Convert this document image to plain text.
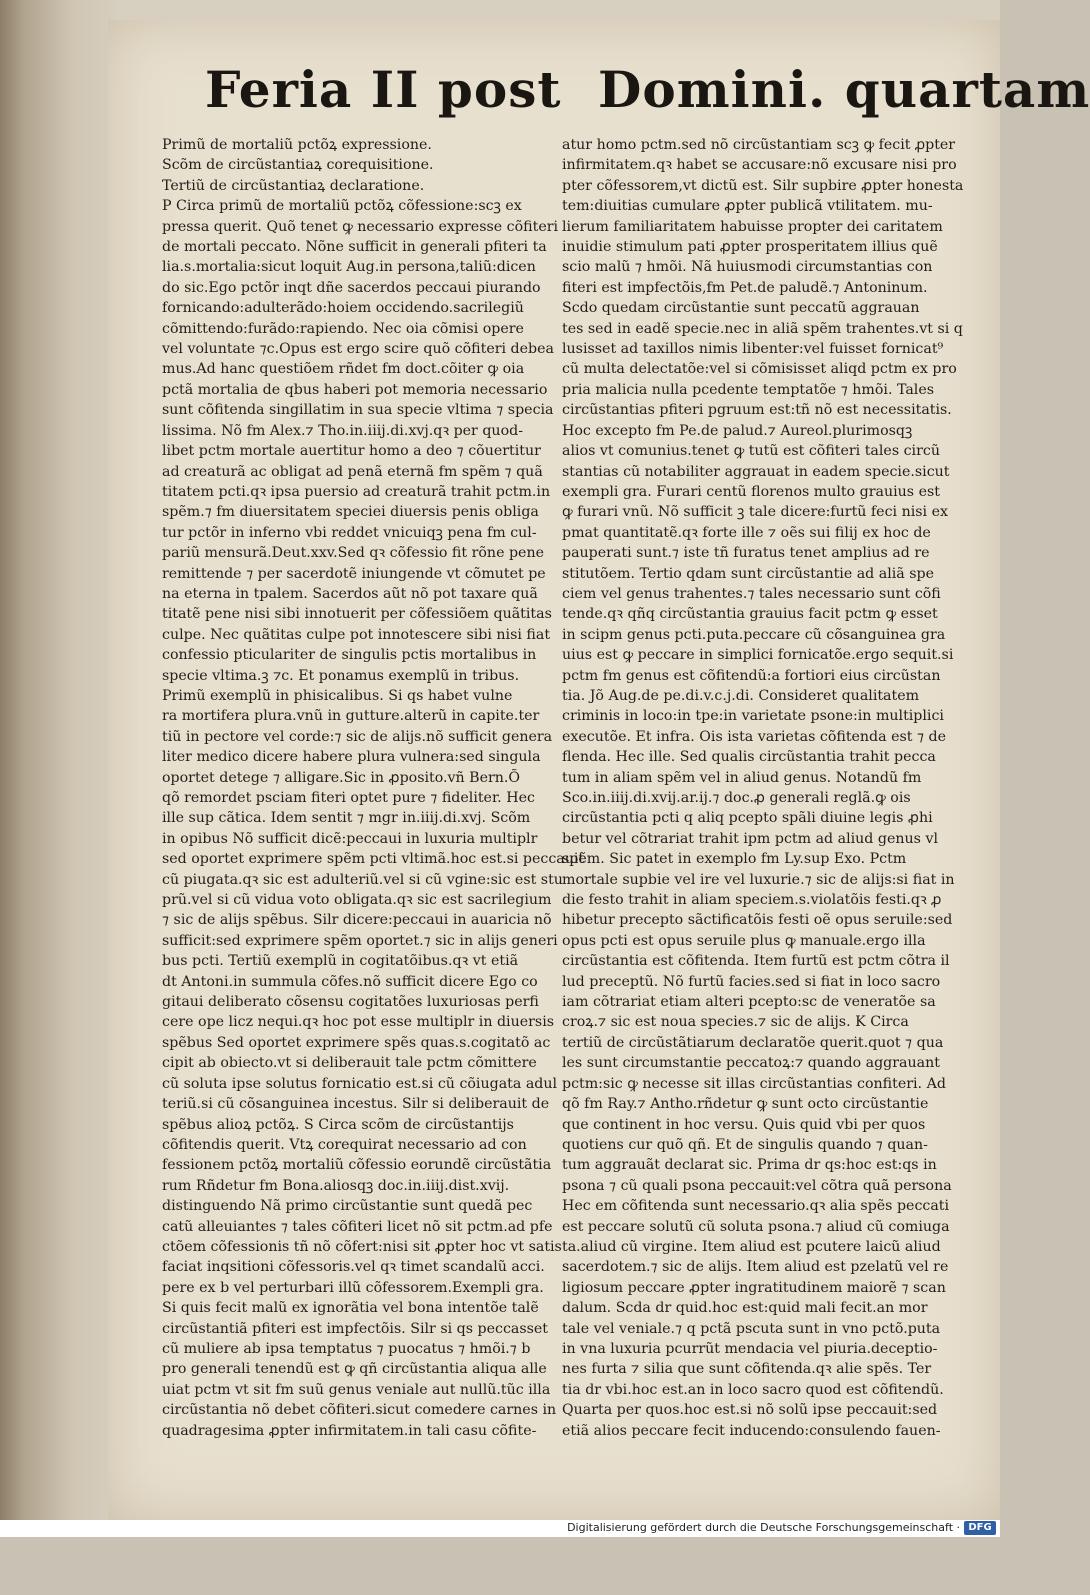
Feria II post Domini. quartam
Primũ de mortaliũ pctõꝝ expressione.
Scõm de circũstantiaꝝ corequisitione.
Tertiũ de circũstantiaꝝ declaratione.
P Circa primũ de mortaliũ pctõꝝ cõfessione:scꝫ ex
pressa querit. Quõ tenet ꝙ necessario expresse cõfiteri
de mortali peccato. Nõne sufficit in generali pfiteri ta
lia.s.mortalia:sicut loquit Aug.in persona,taliũ:dicen
do sic.Ego pctõr inqt dñe sacerdos peccaui piurando
fornicando:adulterãdo:hoiem occidendo.sacrilegiũ
cõmittendo:furãdo:rapiendo. Nec oia cõmisi opere
vel voluntate ⁊c.Opus est ergo scire quõ cõfiteri debea
mus.Ad hanc questiõem rñdet fm doct.cõiter ꝙ oia
pctã mortalia de qbus haberi pot memoria necessario
sunt cõfitenda singillatim in sua specie vltima ⁊ specia
lissima. Nõ fm Alex.⁊ Tho.in.iiij.di.xvj.qꝛ per quod-
libet pctm mortale auertitur homo a deo ⁊ cõuertitur
ad creaturã ac obligat ad penã eternã fm spẽm ⁊ quã
titatem pcti.qꝛ ipsa puersio ad creaturã trahit pctm.in
spẽm.⁊ fm diuersitatem speciei diuersis penis obliga
tur pctõr in inferno vbi reddet vnicuiqꝫ pena fm cul-
pariũ mensurã.Deut.xxv.Sed qꝛ cõfessio fit rõne pene
remittende ⁊ per sacerdotẽ iniungende vt cõmutet pe
na eterna in tpalem. Sacerdos aũt nõ pot taxare quã
titatẽ pene nisi sibi innotuerit per cõfessiõem quãtitas
culpe. Nec quãtitas culpe pot innotescere sibi nisi fiat
confessio pticulariter de singulis pctis mortalibus in
specie vltima.ꝫ ⁊c. Et ponamus exemplũ in tribus.
Primũ exemplũ in phisicalibus. Si qs habet vulne
ra mortifera plura.vnũ in gutture.alterũ in capite.ter
tiũ in pectore vel corde:⁊ sic de alijs.nõ sufficit genera
liter medico dicere habere plura vulnera:sed singula
oportet detege ⁊ alligare.Sic in ꝓposito.vñ Bern.Õ
qõ remordet psciam fiteri optet pure ⁊ fideliter. Hec
ille sup cãtica. Idem sentit ⁊ mgr in.iiij.di.xvj. Scõm
in opibus Nõ sufficit dicẽ:peccaui in luxuria multiplr
sed oportet exprimere spẽm pcti vltimã.hoc est.si peccauit
cũ piugata.qꝛ sic est adulteriũ.vel si cũ vgine:sic est stu
prũ.vel si cũ vidua voto obligata.qꝛ sic est sacrilegium
⁊ sic de alijs spẽbus. Silr dicere:peccaui in auaricia nõ
sufficit:sed exprimere spẽm oportet.⁊ sic in alijs generi
bus pcti. Tertiũ exemplũ in cogitatõibus.qꝛ vt etiã
dt Antoni.in summula cõfes.nõ sufficit dicere Ego co
gitaui deliberato cõsensu cogitatões luxuriosas perfi
cere ope licz nequi.qꝛ hoc pot esse multiplr in diuersis
spẽbus Sed oportet exprimere spẽs quas.s.cogitatõ ac
cipit ab obiecto.vt si deliberauit tale pctm cõmittere
cũ soluta ipse solutus fornicatio est.si cũ cõiugata adul
teriũ.si cũ cõsanguinea incestus. Silr si deliberauit de
spẽbus alioꝝ pctõꝝ. S Circa scõm de circũstantijs
cõfitendis querit. Vtꝝ corequirat necessario ad con
fessionem pctõꝝ mortaliũ cõfessio eorundẽ circũstãtia
rum Rñdetur fm Bona.aliosqꝫ doc.in.iiij.dist.xvij.
distinguendo Nã primo circũstantie sunt quedã pec
catũ alleuiantes ⁊ tales cõfiteri licet nõ sit pctm.ad pfe
ctõem cõfessionis tñ nõ cõfert:nisi sit ꝓpter hoc vt satis
faciat inqsitioni cõfessoris.vel qꝛ timet scandalũ acci.
pere ex b vel perturbari illũ cõfessorem.Exempli gra.
Si quis fecit malũ ex ignorãtia vel bona intentõe talẽ
circũstantiã pfiteri est impfectõis. Silr si qs peccasset
cũ muliere ab ipsa temptatus ⁊ puocatus ⁊ hmõi.⁊ b
pro generali tenendũ est ꝙ qñ circũstantia aliqua alle
uiat pctm vt sit fm suũ genus veniale aut nullũ.tũc illa
circũstantia nõ debet cõfiteri.sicut comedere carnes in
quadragesima ꝓpter infirmitatem.in tali casu cõfite-
atur homo pctm.sed nõ circũstantiam scꝫ ꝙ fecit ꝓpter
infirmitatem.qꝛ habet se accusare:nõ excusare nisi pro
pter cõfessorem,vt dictũ est. Silr supbire ꝓpter honesta
tem:diuitias cumulare ꝓpter publicã vtilitatem. mu-
lierum familiaritatem habuisse propter dei caritatem
inuidie stimulum pati ꝓpter prosperitatem illius quẽ
scio malũ ⁊ hmõi. Nã huiusmodi circumstantias con
fiteri est impfectõis,fm Pet.de paludẽ.⁊ Antoninum.
Scdo quedam circũstantie sunt peccatũ aggrauan
tes sed in eadẽ specie.nec in aliã spẽm trahentes.vt si q
lusisset ad taxillos nimis libenter:vel fuisset fornicat⁹
cũ multa delectatõe:vel si cõmisisset aliqd pctm ex pro
pria malicia nulla pcedente temptatõe ⁊ hmõi. Tales
circũstantias pfiteri pgruum est:tñ nõ est necessitatis.
Hoc excepto fm Pe.de palud.⁊ Aureol.plurimosqꝫ
alios vt comunius.tenet ꝙ tutũ est cõfiteri tales circũ
stantias cũ notabiliter aggrauat in eadem specie.sicut
exempli gra. Furari centũ florenos multo grauius est
ꝙ furari vnũ. Nõ sufficit ꝫ tale dicere:furtũ feci nisi ex
pmat quantitatẽ.qꝛ forte ille ⁊ oẽs sui filij ex hoc de
pauperati sunt.⁊ iste tñ furatus tenet amplius ad re
stitutõem. Tertio qdam sunt circũstantie ad aliã spe
ciem vel genus trahentes.⁊ tales necessario sunt cõfi
tende.qꝛ qñq circũstantia grauius facit pctm ꝙ esset
in scipm genus pcti.puta.peccare cũ cõsanguinea gra
uius est ꝙ peccare in simplici fornicatõe.ergo sequit.si
pctm fm genus est cõfitendũ:a fortiori eius circũstan
tia. Jõ Aug.de pe.di.v.c.j.di. Consideret qualitatem
criminis in loco:in tpe:in varietate psone:in multiplici
executõe. Et infra. Ois ista varietas cõfitenda est ⁊ de
flenda. Hec ille. Sed qualis circũstantia trahit pecca
tum in aliam spẽm vel in aliud genus. Notandũ fm
Sco.in.iiij.di.xvij.ar.ij.⁊ doc.ꝓ generali reglã.ꝙ ois
circũstantia pcti q aliq pcepto spãli diuine legis ꝓhi
betur vel cõtrariat trahit ipm pctm ad aliud genus vl
spẽm. Sic patet in exemplo fm Ly.sup Exo. Pctm
mortale supbie vel ire vel luxurie.⁊ sic de alijs:si fiat in
die festo trahit in aliam speciem.s.violatõis festi.qꝛ ꝓ
hibetur precepto sãctificatõis festi oẽ opus seruile:sed
opus pcti est opus seruile plus ꝙ manuale.ergo illa
circũstantia est cõfitenda. Item furtũ est pctm cõtra il
lud preceptũ. Nõ furtũ facies.sed si fiat in loco sacro
iam cõtrariat etiam alteri pcepto:sc de veneratõe sa
croꝝ.⁊ sic est noua species.⁊ sic de alijs. K Circa
tertiũ de circũstãtiarum declaratõe querit.quot ⁊ qua
les sunt circumstantie peccatoꝝ:⁊ quando aggrauant
pctm:sic ꝙ necesse sit illas circũstantias confiteri. Ad
qõ fm Ray.⁊ Antho.rñdetur ꝙ sunt octo circũstantie
que continent in hoc versu. Quis quid vbi per quos
quotiens cur quõ qñ. Et de singulis quando ⁊ quan-
tum aggrauãt declarat sic. Prima dr qs:hoc est:qs in
psona ⁊ cũ quali psona peccauit:vel cõtra quã persona
Hec em cõfitenda sunt necessario.qꝛ alia spẽs peccati
est peccare solutũ cũ soluta psona.⁊ aliud cũ comiuga
ta.aliud cũ virgine. Item aliud est pcutere laicũ aliud
sacerdotem.⁊ sic de alijs. Item aliud est pzelatũ vel re
ligiosum peccare ꝓpter ingratitudinem maiorẽ ⁊ scan
dalum. Scda dr quid.hoc est:quid mali fecit.an mor
tale vel veniale.⁊ q pctã pscuta sunt in vno pctõ.puta
in vna luxuria pcurrũt mendacia vel piuria.deceptio-
nes furta ⁊ silia que sunt cõfitenda.qꝛ alie spẽs. Ter
tia dr vbi.hoc est.an in loco sacro quod est cõfitendũ.
Quarta per quos.hoc est.si nõ solũ ipse peccauit:sed
etiã alios peccare fecit inducendo:consulendo fauen-
Digitalisierung gefördert durch die Deutsche Forschungsgemeinschaft · DFG
